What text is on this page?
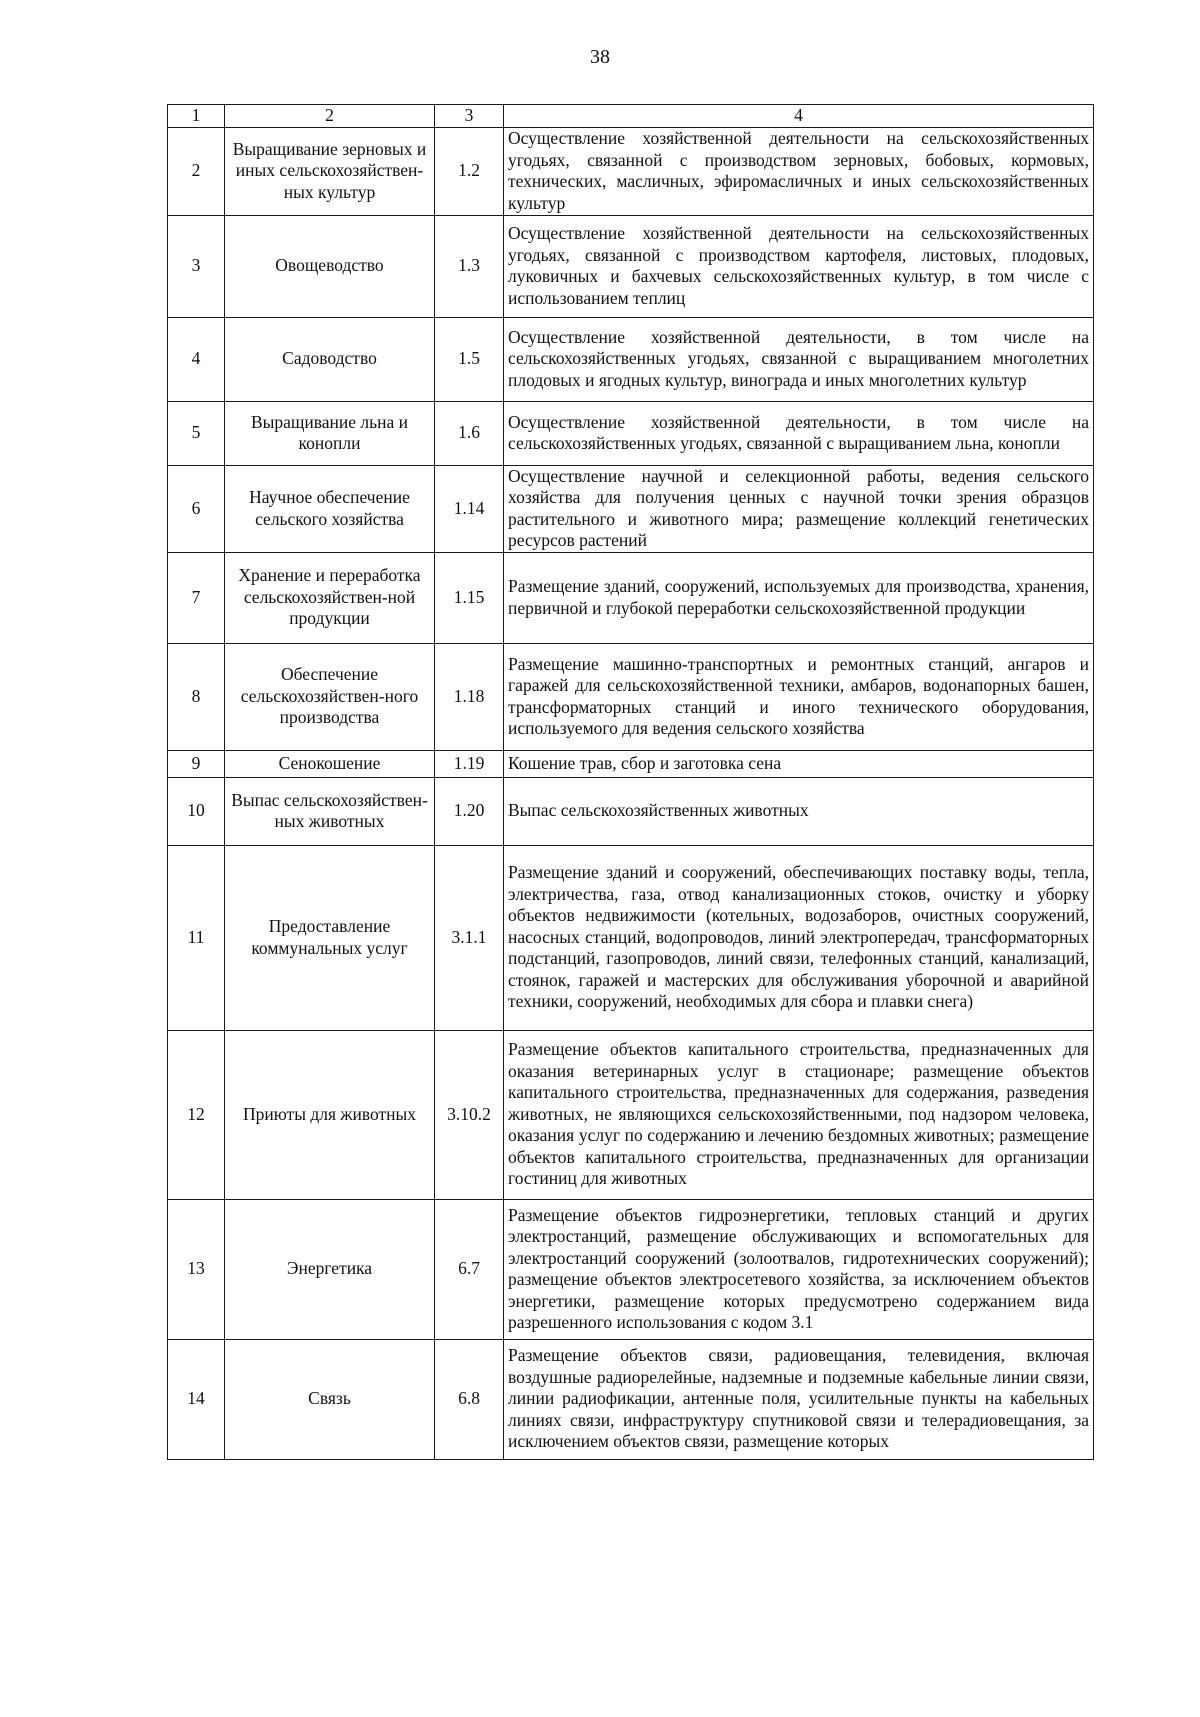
38
1	2	3	4
2	Выращивание зерновых и иных сельскохозяйствен-ных культур	1.2	Осуществление хозяйственной деятельности на сельскохозяйственных угодьях, связанной с производством зерновых, бобовых, кормовых, технических, масличных, эфиромасличных и иных сельскохозяйственных культур
3	Овощеводство	1.3	Осуществление хозяйственной деятельности на сельскохозяйственных угодьях, связанной с производством картофеля, листовых, плодовых, луковичных и бахчевых сельскохозяйственных культур, в том числе с использованием теплиц
4	Садоводство	1.5	Осуществление хозяйственной деятельности, в том числе на сельскохозяйственных угодьях, связанной с выращиванием многолетних плодовых и ягодных культур, винограда и иных многолетних культур
5	Выращивание льна и конопли	1.6	Осуществление хозяйственной деятельности, в том числе на сельскохозяйственных угодьях, связанной с выращиванием льна, конопли
6	Научное обеспечение сельского хозяйства	1.14	Осуществление научной и селекционной работы, ведения сельского хозяйства для получения ценных с научной точки зрения образцов растительного и животного мира; размещение коллекций генетических ресурсов растений
7	Хранение и переработка сельскохозяйствен-ной продукции	1.15	Размещение зданий, сооружений, используемых для производства, хранения, первичной и глубокой переработки сельскохозяйственной продукции
8	Обеспечение сельскохозяйствен-ного производства	1.18	Размещение машинно-транспортных и ремонтных станций, ангаров и гаражей для сельскохозяйственной техники, амбаров, водонапорных башен, трансформаторных станций и иного технического оборудования, используемого для ведения сельского хозяйства
9	Сенокошение	1.19	Кошение трав, сбор и заготовка сена
10	Выпас сельскохозяйствен-ных животных	1.20	Выпас сельскохозяйственных животных
11	Предоставление коммунальных услуг	3.1.1	Размещение зданий и сооружений, обеспечивающих поставку воды, тепла, электричества, газа, отвод канализационных стоков, очистку и уборку объектов недвижимости (котельных, водозаборов, очистных сооружений, насосных станций, водопроводов, линий электропередач, трансформаторных подстанций, газопроводов, линий связи, телефонных станций, канализаций, стоянок, гаражей и мастерских для обслуживания уборочной и аварийной техники, сооружений, необходимых для сбора и плавки снега)
12	Приюты для животных	3.10.2	Размещение объектов капитального строительства, предназначенных для оказания ветеринарных услуг в стационаре; размещение объектов капитального строительства, предназначенных для содержания, разведения животных, не являющихся сельскохозяйственными, под надзором человека, оказания услуг по содержанию и лечению бездомных животных; размещение объектов капитального строительства, предназначенных для организации гостиниц для животных
13	Энергетика	6.7	Размещение объектов гидроэнергетики, тепловых станций и других электростанций, размещение обслуживающих и вспомогательных для электростанций сооружений (золоотвалов, гидротехнических сооружений); размещение объектов электросетевого хозяйства, за исключением объектов энергетики, размещение которых предусмотрено содержанием вида разрешенного использования с кодом 3.1
14	Связь	6.8	Размещение объектов связи, радиовещания, телевидения, включая воздушные радиорелейные, надземные и подземные кабельные линии связи, линии радиофикации, антенные поля, усилительные пункты на кабельных линиях связи, инфраструктуру спутниковой связи и телерадиовещания, за исключением объектов связи, размещение которых
